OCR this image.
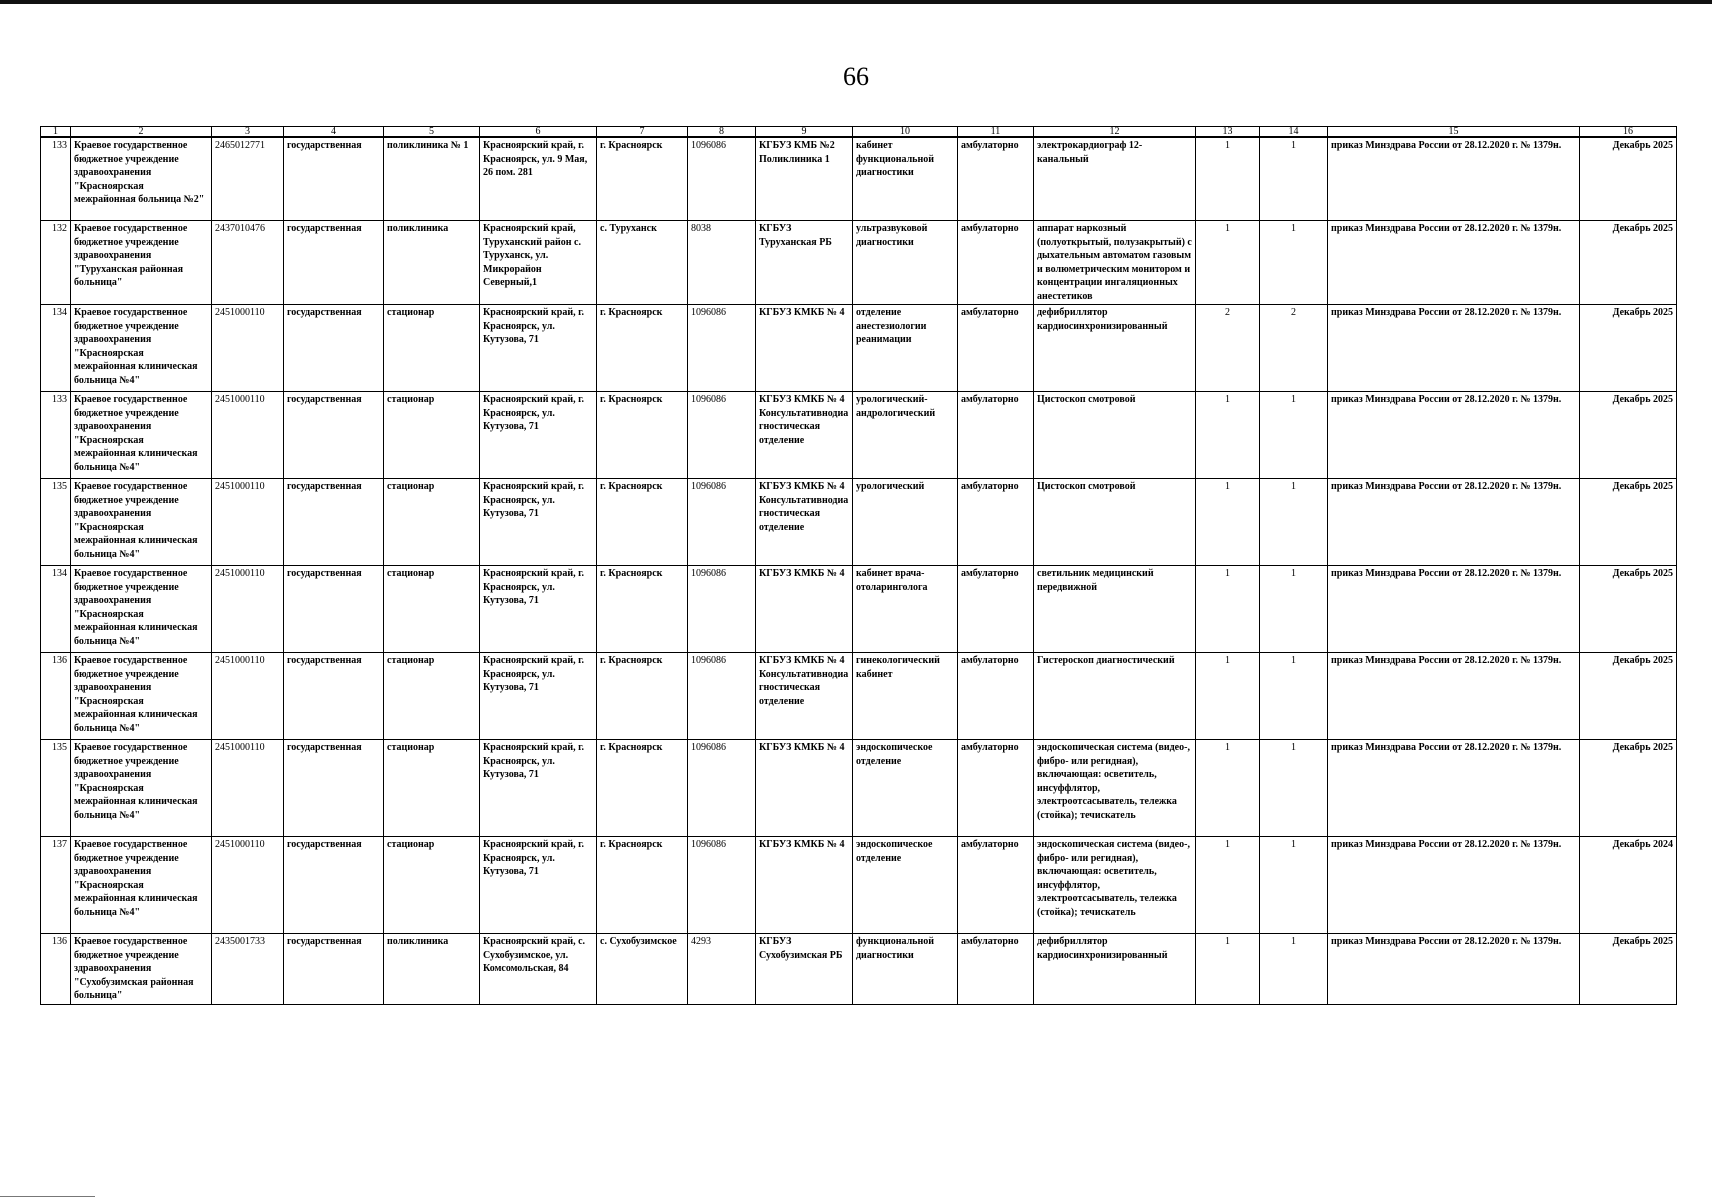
66
1	2	3	4	5	6	7	8	9	10	11	12	13	14	15	16
133	Краевое государственное бюджетное учреждение здравоохранения "Красноярская межрайонная больница №2"	2465012771	государственная	поликлиника № 1	Красноярский край, г. Красноярск, ул. 9 Мая, 26 пом. 281	г. Красноярск	1096086	КГБУЗ КМБ №2 Поликлиника 1	кабинет функциональной диагностики	амбулаторно	электрокардиограф 12-канальный	1	1	приказ Минздрава России от 28.12.2020 г. № 1379н.	Декабрь 2025
132	Краевое государственное бюджетное учреждение здравоохранения "Туруханская районная больница"	2437010476	государственная	поликлиника	Красноярский край, Туруханский район с. Туруханск, ул. Микрорайон Северный,1	с. Туруханск	8038	КГБУЗ Туруханская РБ	ультразвуковой диагностики	амбулаторно	аппарат наркозный (полуоткрытый, полузакрытый) с дыхательным автоматом газовым и волюметрическим монитором и концентрации ингаляционных анестетиков	1	1	приказ Минздрава России от 28.12.2020 г. № 1379н.	Декабрь 2025
134	Краевое государственное бюджетное учреждение здравоохранения "Красноярская межрайонная клиническая больница №4"	2451000110	государственная	стационар	Красноярский край, г. Красноярск, ул. Кутузова, 71	г. Красноярск	1096086	КГБУЗ КМКБ № 4	отделение анестезиологии реанимации	амбулаторно	дефибриллятор кардиосинхронизированный	2	2	приказ Минздрава России от 28.12.2020 г. № 1379н.	Декабрь 2025
133	Краевое государственное бюджетное учреждение здравоохранения "Красноярская межрайонная клиническая больница №4"	2451000110	государственная	стационар	Красноярский край, г. Красноярск, ул. Кутузова, 71	г. Красноярск	1096086	КГБУЗ КМКБ № 4 Консультативнодиагностическая отделение	урологический-андрологический	амбулаторно	Цистоскоп смотровой	1	1	приказ Минздрава России от 28.12.2020 г. № 1379н.	Декабрь 2025
135	Краевое государственное бюджетное учреждение здравоохранения "Красноярская межрайонная клиническая больница №4"	2451000110	государственная	стационар	Красноярский край, г. Красноярск, ул. Кутузова, 71	г. Красноярск	1096086	КГБУЗ КМКБ № 4 Консультативнодиагностическая отделение	урологический	амбулаторно	Цистоскоп смотровой	1	1	приказ Минздрава России от 28.12.2020 г. № 1379н.	Декабрь 2025
134	Краевое государственное бюджетное учреждение здравоохранения "Красноярская межрайонная клиническая больница №4"	2451000110	государственная	стационар	Красноярский край, г. Красноярск, ул. Кутузова, 71	г. Красноярск	1096086	КГБУЗ КМКБ № 4	кабинет врача-отоларинголога	амбулаторно	светильник медицинский передвижной	1	1	приказ Минздрава России от 28.12.2020 г. № 1379н.	Декабрь 2025
136	Краевое государственное бюджетное учреждение здравоохранения "Красноярская межрайонная клиническая больница №4"	2451000110	государственная	стационар	Красноярский край, г. Красноярск, ул. Кутузова, 71	г. Красноярск	1096086	КГБУЗ КМКБ № 4 Консультативнодиагностическая отделение	гинекологический кабинет	амбулаторно	Гистероскоп диагностический	1	1	приказ Минздрава России от 28.12.2020 г. № 1379н.	Декабрь 2025
135	Краевое государственное бюджетное учреждение здравоохранения "Красноярская межрайонная клиническая больница №4"	2451000110	государственная	стационар	Красноярский край, г. Красноярск, ул. Кутузова, 71	г. Красноярск	1096086	КГБУЗ КМКБ № 4	эндоскопическое отделение	амбулаторно	эндоскопическая система (видео-, фибро- или регидная), включающая: осветитель, инсуффлятор, электроотсасыватель, тележка (стойка); течискатель	1	1	приказ Минздрава России от 28.12.2020 г. № 1379н.	Декабрь 2025
137	Краевое государственное бюджетное учреждение здравоохранения "Красноярская межрайонная клиническая больница №4"	2451000110	государственная	стационар	Красноярский край, г. Красноярск, ул. Кутузова, 71	г. Красноярск	1096086	КГБУЗ КМКБ № 4	эндоскопическое отделение	амбулаторно	эндоскопическая система (видео-, фибро- или регидная), включающая: осветитель, инсуффлятор, электроотсасыватель, тележка (стойка); течискатель	1	1	приказ Минздрава России от 28.12.2020 г. № 1379н.	Декабрь 2024
136	Краевое государственное бюджетное учреждение здравоохранения "Сухобузимская районная больница"	2435001733	государственная	поликлиника	Красноярский край, с. Сухобузимское, ул. Комсомольская, 84	с. Сухобузимское	4293	КГБУЗ Сухобузимская РБ	функциональной диагностики	амбулаторно	дефибриллятор кардиосинхронизированный	1	1	приказ Минздрава России от 28.12.2020 г. № 1379н.	Декабрь 2025
